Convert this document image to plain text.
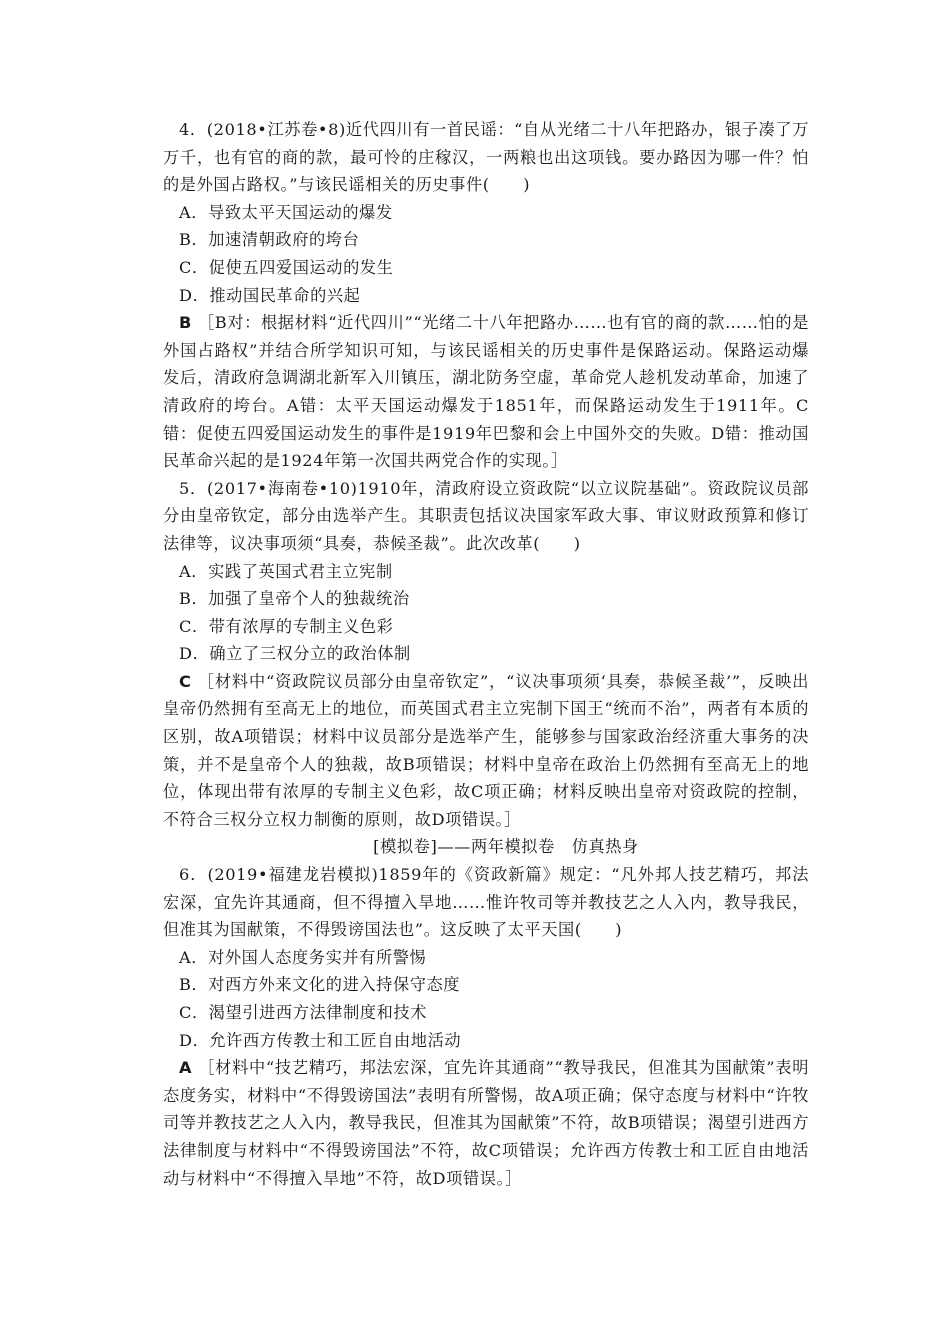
4．(2018•江苏卷•8)近代四川有一首民谣：“自从光绪二十八年把路办，银子凑了万万千，也有官的商的款，最可怜的庄稼汉，一两粮也出这项钱。要办路因为哪一件？怕的是外国占路权。”与该民谣相关的历史事件(　　)

A．导致太平天国运动的爆发

B．加速清朝政府的垮台

C．促使五四爱国运动的发生

D．推动国民革命的兴起

B ［B对：根据材料“近代四川”“光绪二十八年把路办……也有官的商的款……怕的是外国占路权”并结合所学知识可知，与该民谣相关的历史事件是保路运动。保路运动爆发后，清政府急调湖北新军入川镇压，湖北防务空虚，革命党人趁机发动革命，加速了清政府的垮台。A错：太平天国运动爆发于1851年，而保路运动发生于1911年。C错：促使五四爱国运动发生的事件是1919年巴黎和会上中国外交的失败。D错：推动国民革命兴起的是1924年第一次国共两党合作的实现。］

5．(2017•海南卷•10)1910年，清政府设立资政院“以立议院基础”。资政院议员部分由皇帝钦定，部分由选举产生。其职责包括议决国家军政大事、审议财政预算和修订法律等，议决事项须“具奏，恭候圣裁”。此次改革(　　)

A．实践了英国式君主立宪制

B．加强了皇帝个人的独裁统治

C．带有浓厚的专制主义色彩

D．确立了三权分立的政治体制

C ［材料中“资政院议员部分由皇帝钦定”，“议决事项须‘具奏，恭候圣裁’”，反映出皇帝仍然拥有至高无上的地位，而英国式君主立宪制下国王“统而不治”，两者有本质的区别，故A项错误；材料中议员部分是选举产生，能够参与国家政治经济重大事务的决策，并不是皇帝个人的独裁，故B项错误；材料中皇帝在政治上仍然拥有至高无上的地位，体现出带有浓厚的专制主义色彩，故C项正确；材料反映出皇帝对资政院的控制，不符合三权分立权力制衡的原则，故D项错误。］

[模拟卷]——两年模拟卷　仿真热身

6．(2019•福建龙岩模拟)1859年的《资政新篇》规定：“凡外邦人技艺精巧，邦法宏深，宜先许其通商，但不得擅入旱地……惟许牧司等并教技艺之人入内，教导我民，但准其为国献策，不得毁谤国法也”。这反映了太平天国(　　)

A．对外国人态度务实并有所警惕

B．对西方外来文化的进入持保守态度

C．渴望引进西方法律制度和技术

D．允许西方传教士和工匠自由地活动

A ［材料中“技艺精巧，邦法宏深，宜先许其通商”“教导我民，但准其为国献策”表明态度务实，材料中“不得毁谤国法”表明有所警惕，故A项正确；保守态度与材料中“许牧司等并教技艺之人入内，教导我民，但准其为国献策”不符，故B项错误；渴望引进西方法律制度与材料中“不得毁谤国法”不符，故C项错误；允许西方传教士和工匠自由地活动与材料中“不得擅入旱地”不符，故D项错误。］
